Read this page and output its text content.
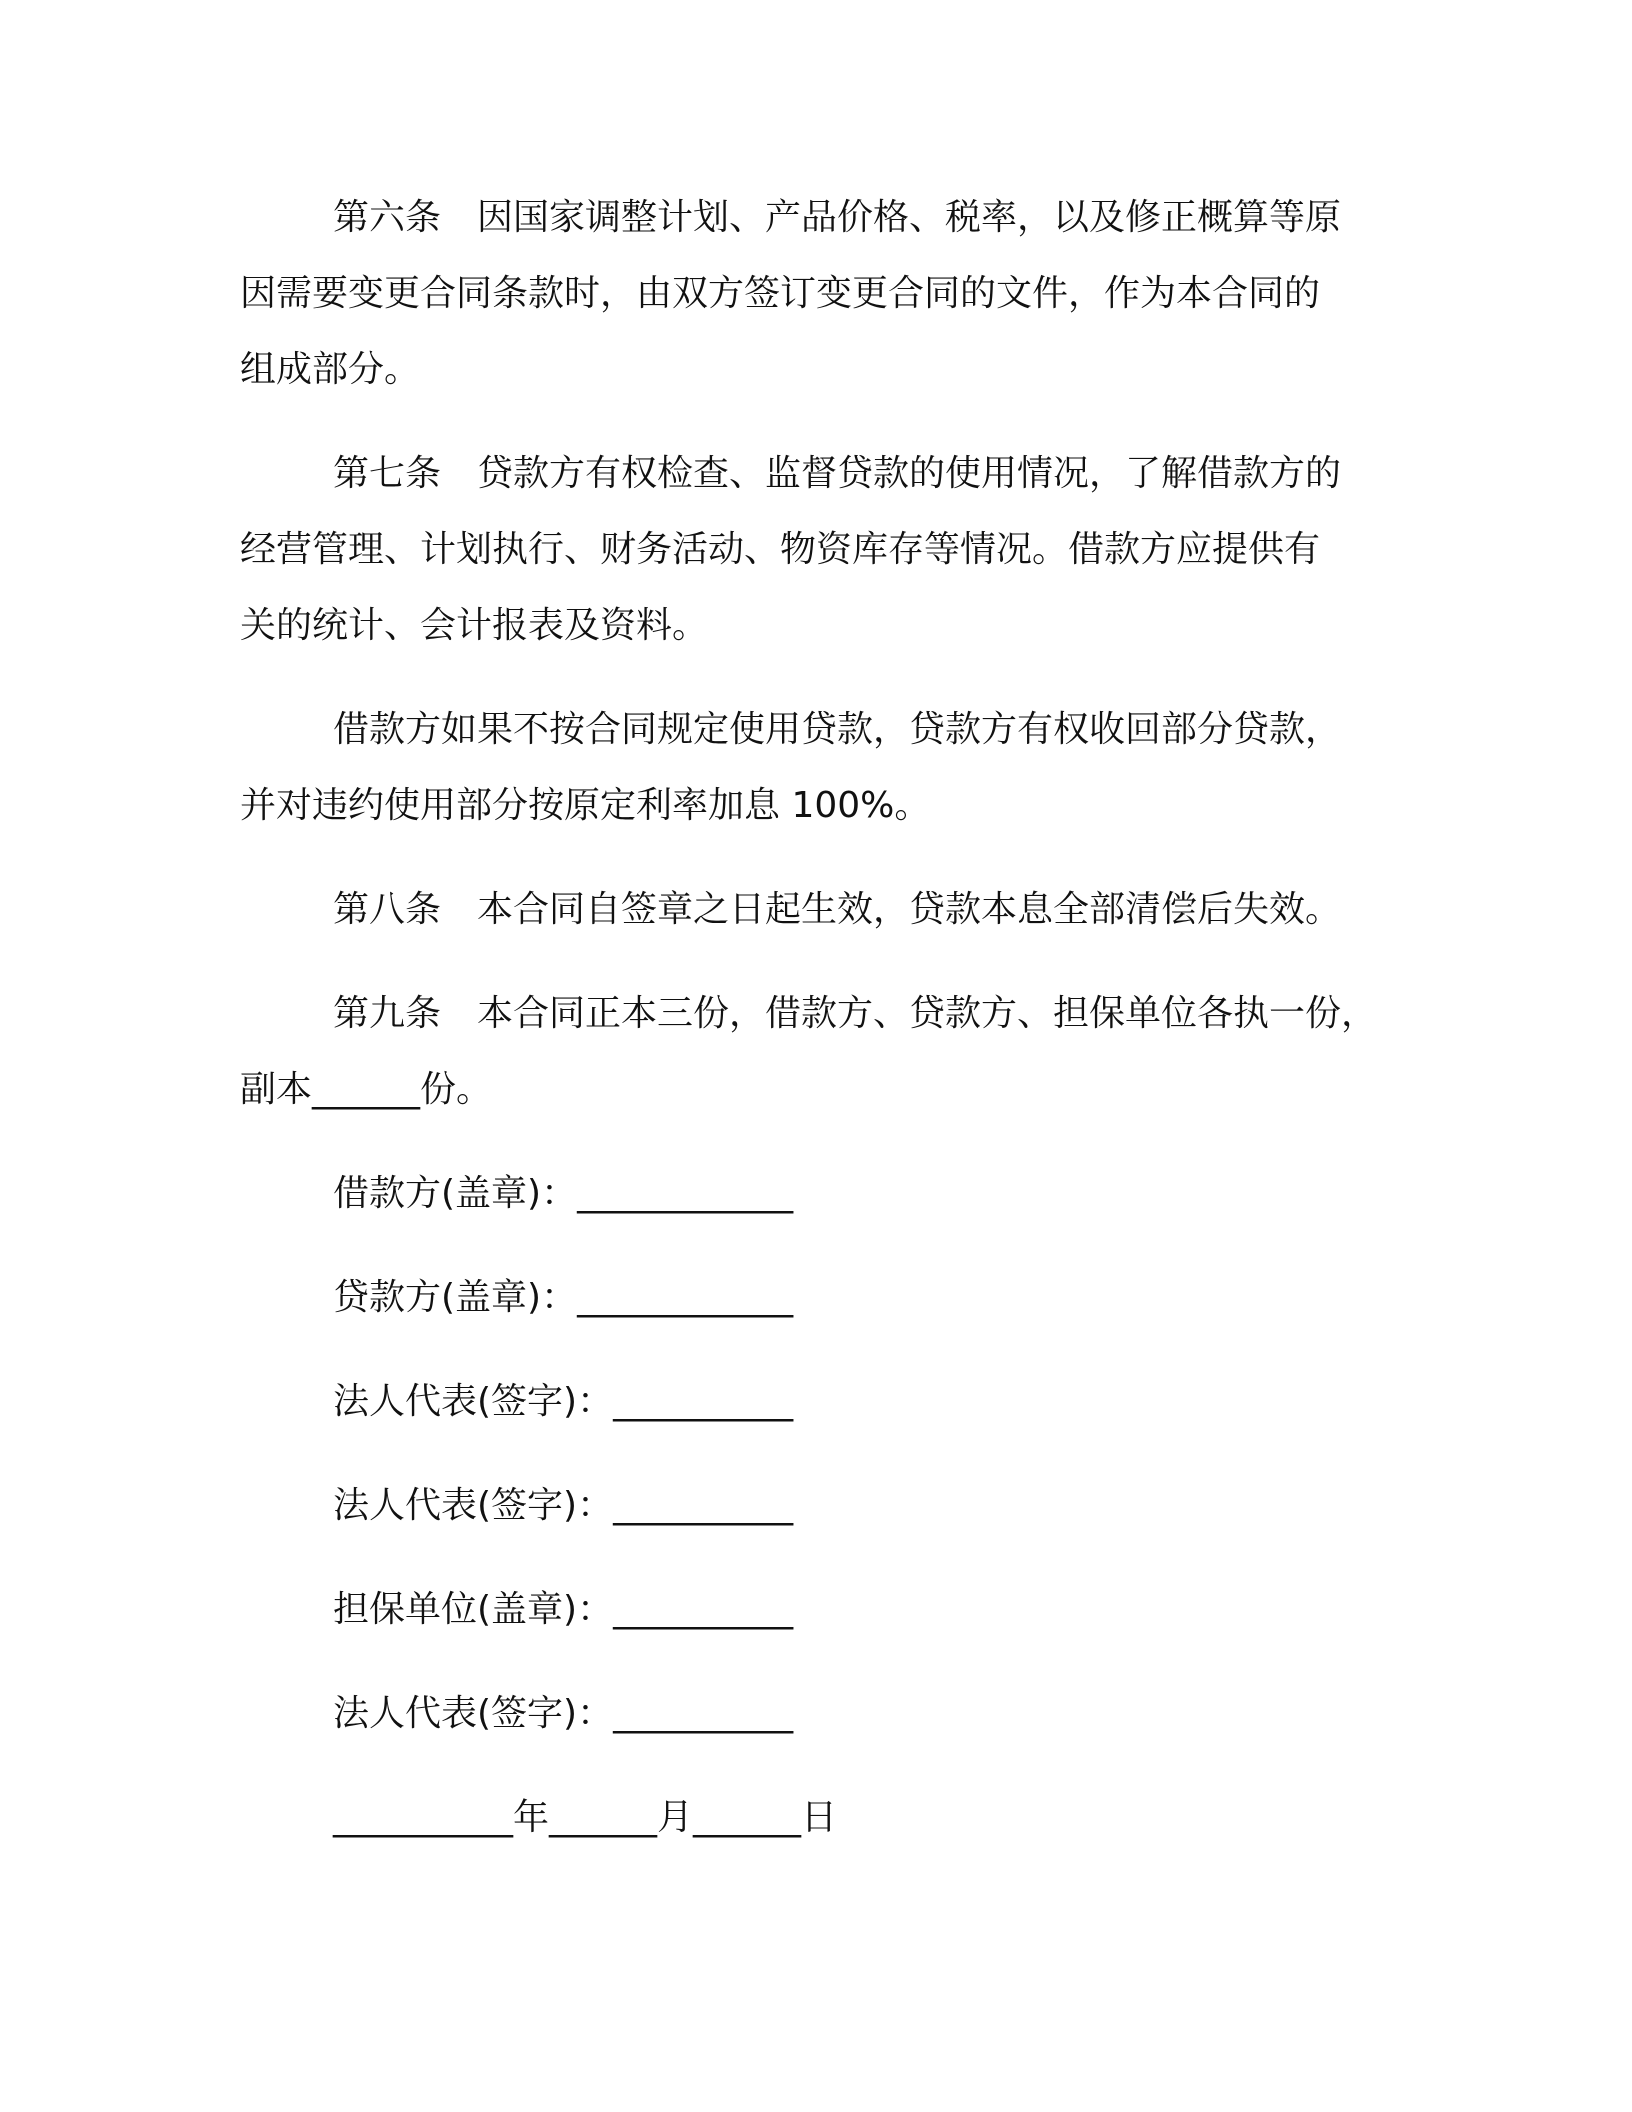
第六条　因国家调整计划、产品价格、税率，以及修正概算等原

因需要变更合同条款时，由双方签订变更合同的文件，作为本合同的

组成部分。

第七条　贷款方有权检查、监督贷款的使用情况，了解借款方的

经营管理、计划执行、财务活动、物资库存等情况。借款方应提供有

关的统计、会计报表及资料。

借款方如果不按合同规定使用贷款，贷款方有权收回部分贷款，

并对违约使用部分按原定利率加息 100%。

第八条　本合同自签章之日起生效，贷款本息全部清偿后失效。

第九条　本合同正本三份，借款方、贷款方、担保单位各执一份，

副本______份。

借款方(盖章)：____________

贷款方(盖章)：____________

法人代表(签字)：__________

法人代表(签字)：__________

担保单位(盖章)：__________

法人代表(签字)：__________

__________年______月______日
